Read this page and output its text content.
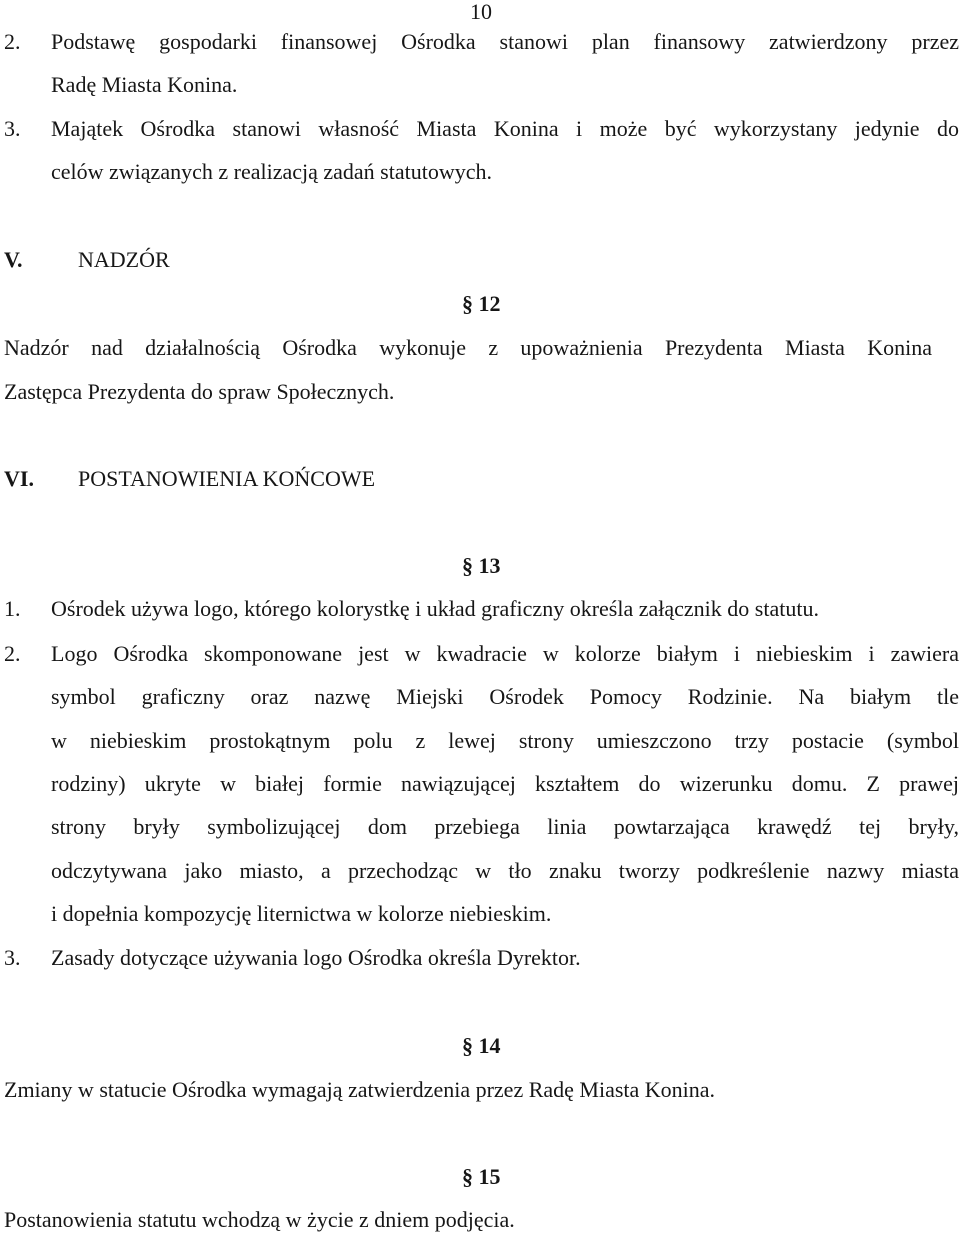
10
2. Podstawę gospodarki finansowej Ośrodka stanowi plan finansowy zatwierdzony przez
Radę Miasta Konina.
3. Majątek Ośrodka stanowi własność Miasta Konina i może być wykorzystany jedynie do
celów związanych z realizacją zadań statutowych.
V.	NADZÓR
§ 12
Nadzór nad działalnością Ośrodka wykonuje z upoważnienia Prezydenta Miasta Konina
Zastępca Prezydenta do spraw Społecznych.
VI. POSTANOWIENIA KOŃCOWE
§ 13
1. Ośrodek używa logo, którego kolorystkę i układ graficzny określa załącznik do statutu.
2. Logo Ośrodka skomponowane jest w kwadracie w kolorze białym i niebieskim i zawiera
symbol graficzny oraz nazwę Miejski Ośrodek Pomocy Rodzinie. Na białym tle
w niebieskim prostokątnym polu z lewej strony umieszczono trzy postacie (symbol
rodziny) ukryte w białej formie nawiązującej kształtem do wizerunku domu. Z prawej
strony bryły symbolizującej dom przebiega linia powtarzająca krawędź tej bryły,
odczytywana jako miasto, a przechodząc w tło znaku tworzy podkreślenie nazwy miasta
i dopełnia kompozycję liternictwa w kolorze niebieskim.
3. Zasady dotyczące używania logo Ośrodka określa Dyrektor.
§ 14
Zmiany w statucie Ośrodka wymagają zatwierdzenia przez Radę Miasta Konina.
§ 15
Postanowienia statutu wchodzą w życie z dniem podjęcia.
